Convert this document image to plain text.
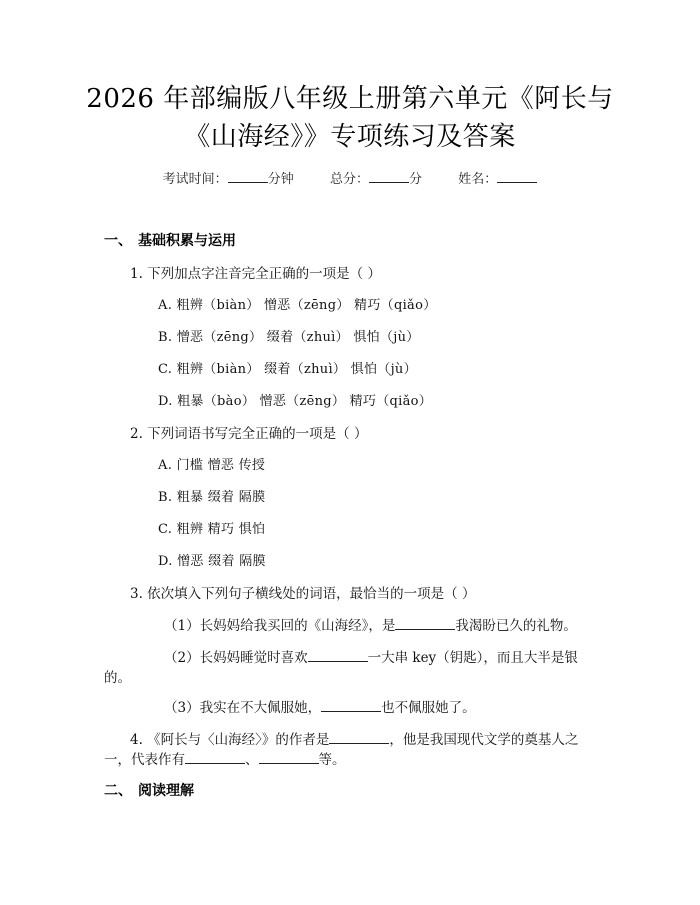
2026 年部编版八年级上册第六单元《阿长与
《山海经》》专项练习及答案
考试时间：	分钟	总分：	分	姓名：
一、 基础积累与运用
1. 下列加点字注音完全正确的一项是（ ）
A. 粗辨（biàn） 憎恶（zēng） 精巧（qiǎo）
B. 憎恶（zēng） 缀着（zhuì） 惧怕（jù）
C. 粗辨（biàn） 缀着（zhuì） 惧怕（jù）
D. 粗暴（bào） 憎恶（zēng） 精巧（qiǎo）
2. 下列词语书写完全正确的一项是（ ）
A. 门槛 憎恶 传授
B. 粗暴 缀着 隔膜
C. 粗辨 精巧 惧怕
D. 憎恶 缀着 隔膜
3. 依次填入下列句子横线处的词语，最恰当的一项是（ ）
（1）长妈妈给我买回的《山海经》，是	我渴盼已久的礼物。
（2）长妈妈睡觉时喜欢	一大串 key（钥匙），而且大半是银
的。
（3）我实在不大佩服她，	也不佩服她了。
4. 《阿长与〈山海经〉》的作者是	，他是我国现代文学的奠基人之
一，代表作有	、	等。
二、 阅读理解
